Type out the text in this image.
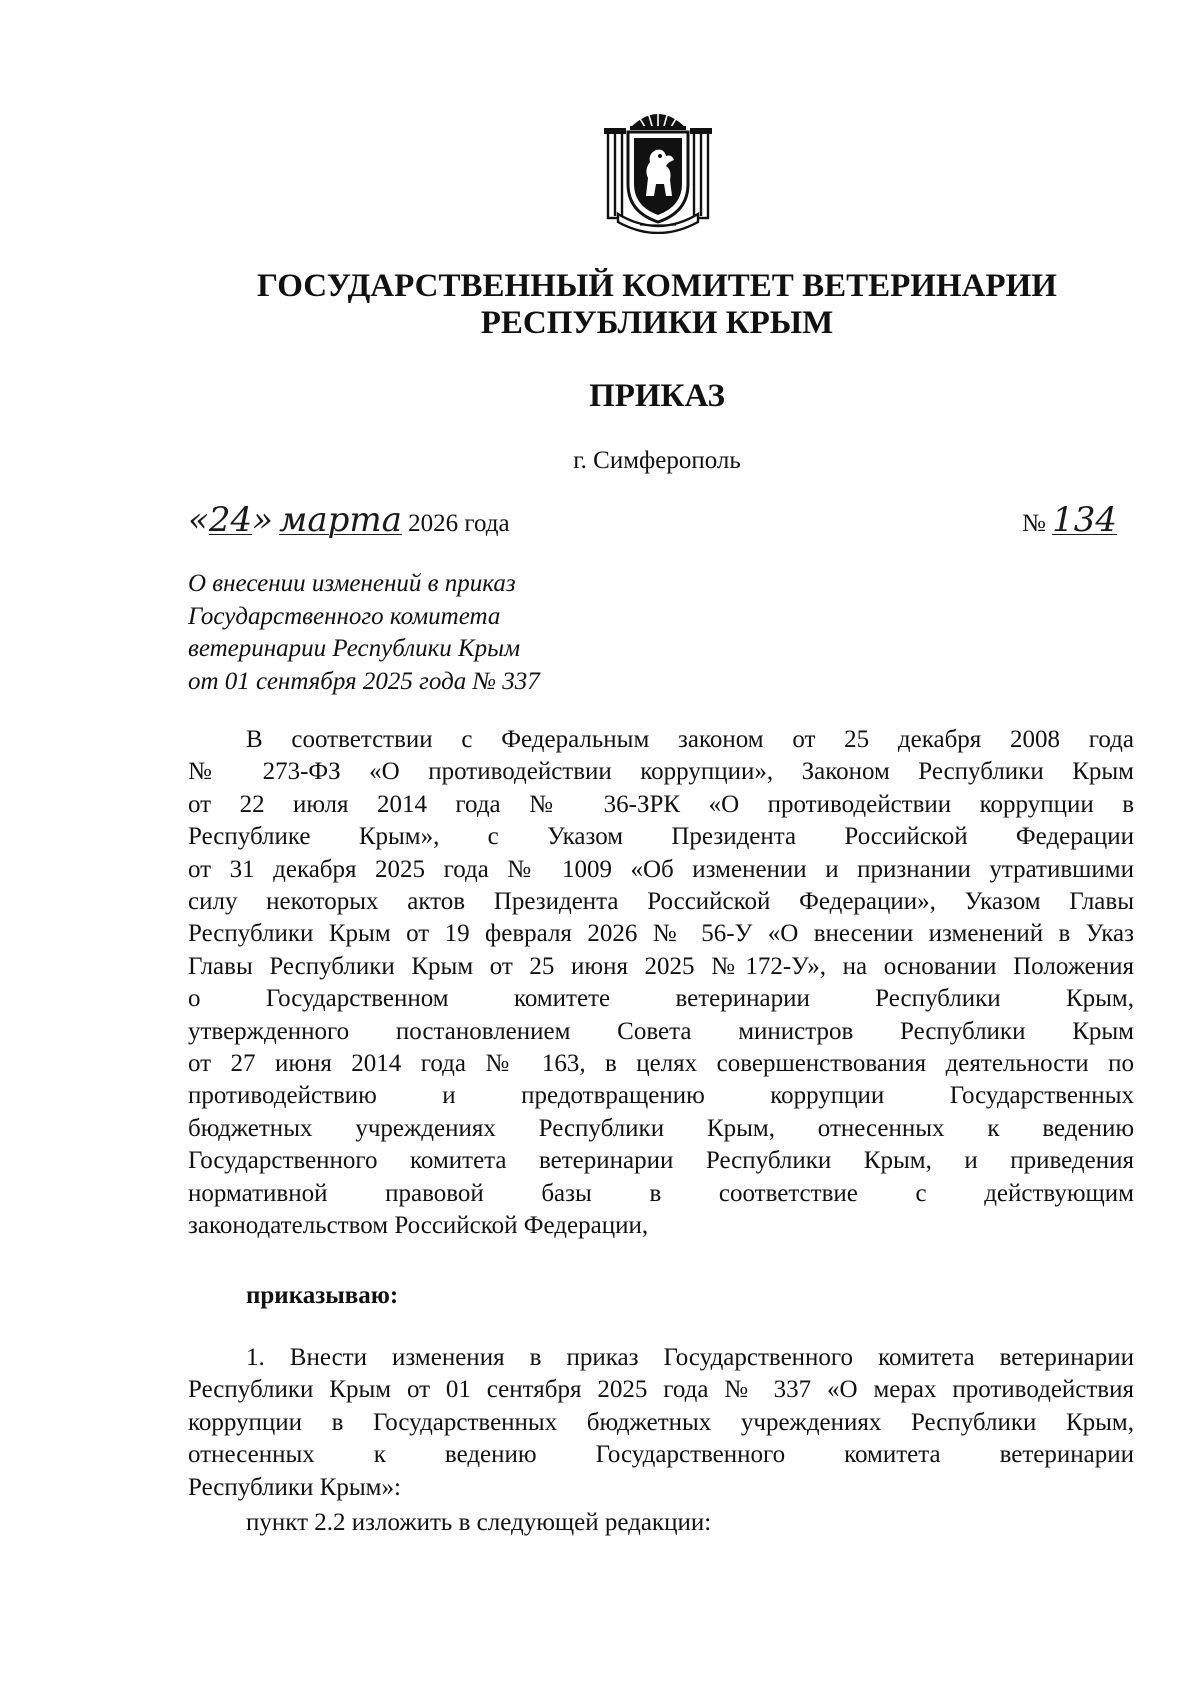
ГОСУДАРСТВЕННЫЙ КОМИТЕТ ВЕТЕРИНАРИИ
РЕСПУБЛИКИ КРЫМ
ПРИКАЗ
г. Симферополь
«24» марта 2026 года	№ 134
О внесении изменений в приказ
Государственного комитета
ветеринарии Республики Крым
от 01 сентября 2025 года № 337
В соответствии с Федеральным законом от 25 декабря 2008 года
№ 273-ФЗ «О противодействии коррупции», Законом Республики Крым
от 22 июля 2014 года № 36-ЗРК «О противодействии коррупции в
Республике Крым», с Указом Президента Российской Федерации
от 31 декабря 2025 года № 1009 «Об изменении и признании утратившими
силу некоторых актов Президента Российской Федерации», Указом Главы
Республики Крым от 19 февраля 2026 № 56-У «О внесении изменений в Указ
Главы Республики Крым от 25 июня 2025 №172-У», на основании Положения
о Государственном комитете ветеринарии Республики Крым,
утвержденного постановлением Совета министров Республики Крым
от 27 июня 2014 года № 163, в целях совершенствования деятельности по
противодействию и предотвращению коррупции Государственных
бюджетных учреждениях Республики Крым, отнесенных к ведению
Государственного комитета ветеринарии Республики Крым, и приведения
нормативной правовой базы в соответствие с действующим
законодательством Российской Федерации,
приказываю:
1. Внести изменения в приказ Государственного комитета ветеринарии
Республики Крым от 01 сентября 2025 года № 337 «О мерах противодействия
коррупции в Государственных бюджетных учреждениях Республики Крым,
отнесенных к ведению Государственного комитета ветеринарии
Республики Крым»:
пункт 2.2 изложить в следующей редакции:
